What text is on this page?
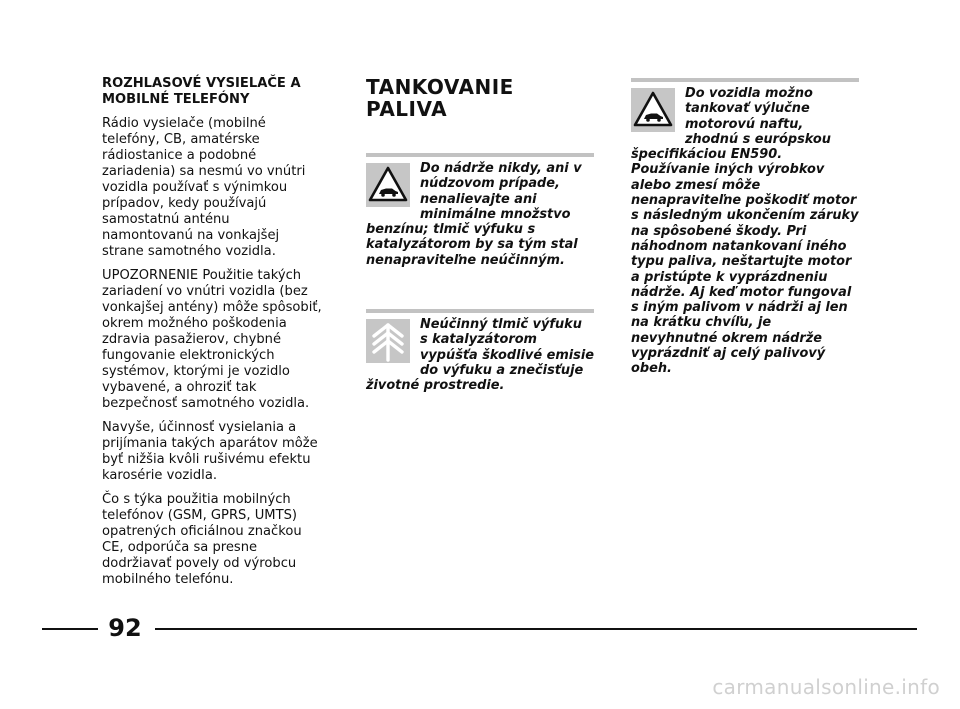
ROZHLASOVÉ VYSIELAČE A MOBILNÉ TELEFÓNY

Rádio vysielače (mobilné telefóny, CB, amatérske rádiostanice a podobné zariadenia) sa nesmú vo vnútri vozidla používať s výnimkou prípadov, kedy používajú samostatnú anténu namontovanú na vonkajšej strane samotného vozidla.

UPOZORNENIE Použitie takých zariadení vo vnútri vozidla (bez vonkajšej antény) môže spôsobiť, okrem možného poškodenia zdravia pasažierov, chybné fungovanie elektronických systémov, ktorými je vozidlo vybavené, a ohroziť tak bezpečnosť samotného vozidla.

Navyše, účinnosť vysielania a prijímania takých aparátov môže byť nižšia kvôli rušivému efektu karosérie vozidla.

Čo s týka použitia mobilných telefónov (GSM, GPRS, UMTS) opatrených oficiálnou značkou CE, odporúča sa presne dodržiavať povely od výrobcu mobilného telefónu.

TANKOVANIE
PALIVA

Do nádrže nikdy, ani v núdzovom prípade, nenalievajte ani minimálne množstvo benzínu; tlmič výfuku s katalyzátorom by sa tým stal nenapraviteľne neúčinným.

Neúčinný tlmič výfuku s katalyzátorom vypúšťa škodlivé emisie do výfuku a znečisťuje životné prostredie.

Do vozidla možno tankovať výlučne motorovú naftu, zhodnú s európskou špecifikáciou EN590. Používanie iných výrobkov alebo zmesí môže nenapraviteľne poškodiť motor s následným ukončením záruky na spôsobené škody. Pri náhodnom natankovaní iného typu paliva, neštartujte motor a pristúpte k vyprázdneniu nádrže. Aj keď motor fungoval s iným palivom v nádrži aj len na krátku chvíľu, je nevyhnutné okrem nádrže vyprázdniť aj celý palivový obeh.

92
carmanualsonline.info
